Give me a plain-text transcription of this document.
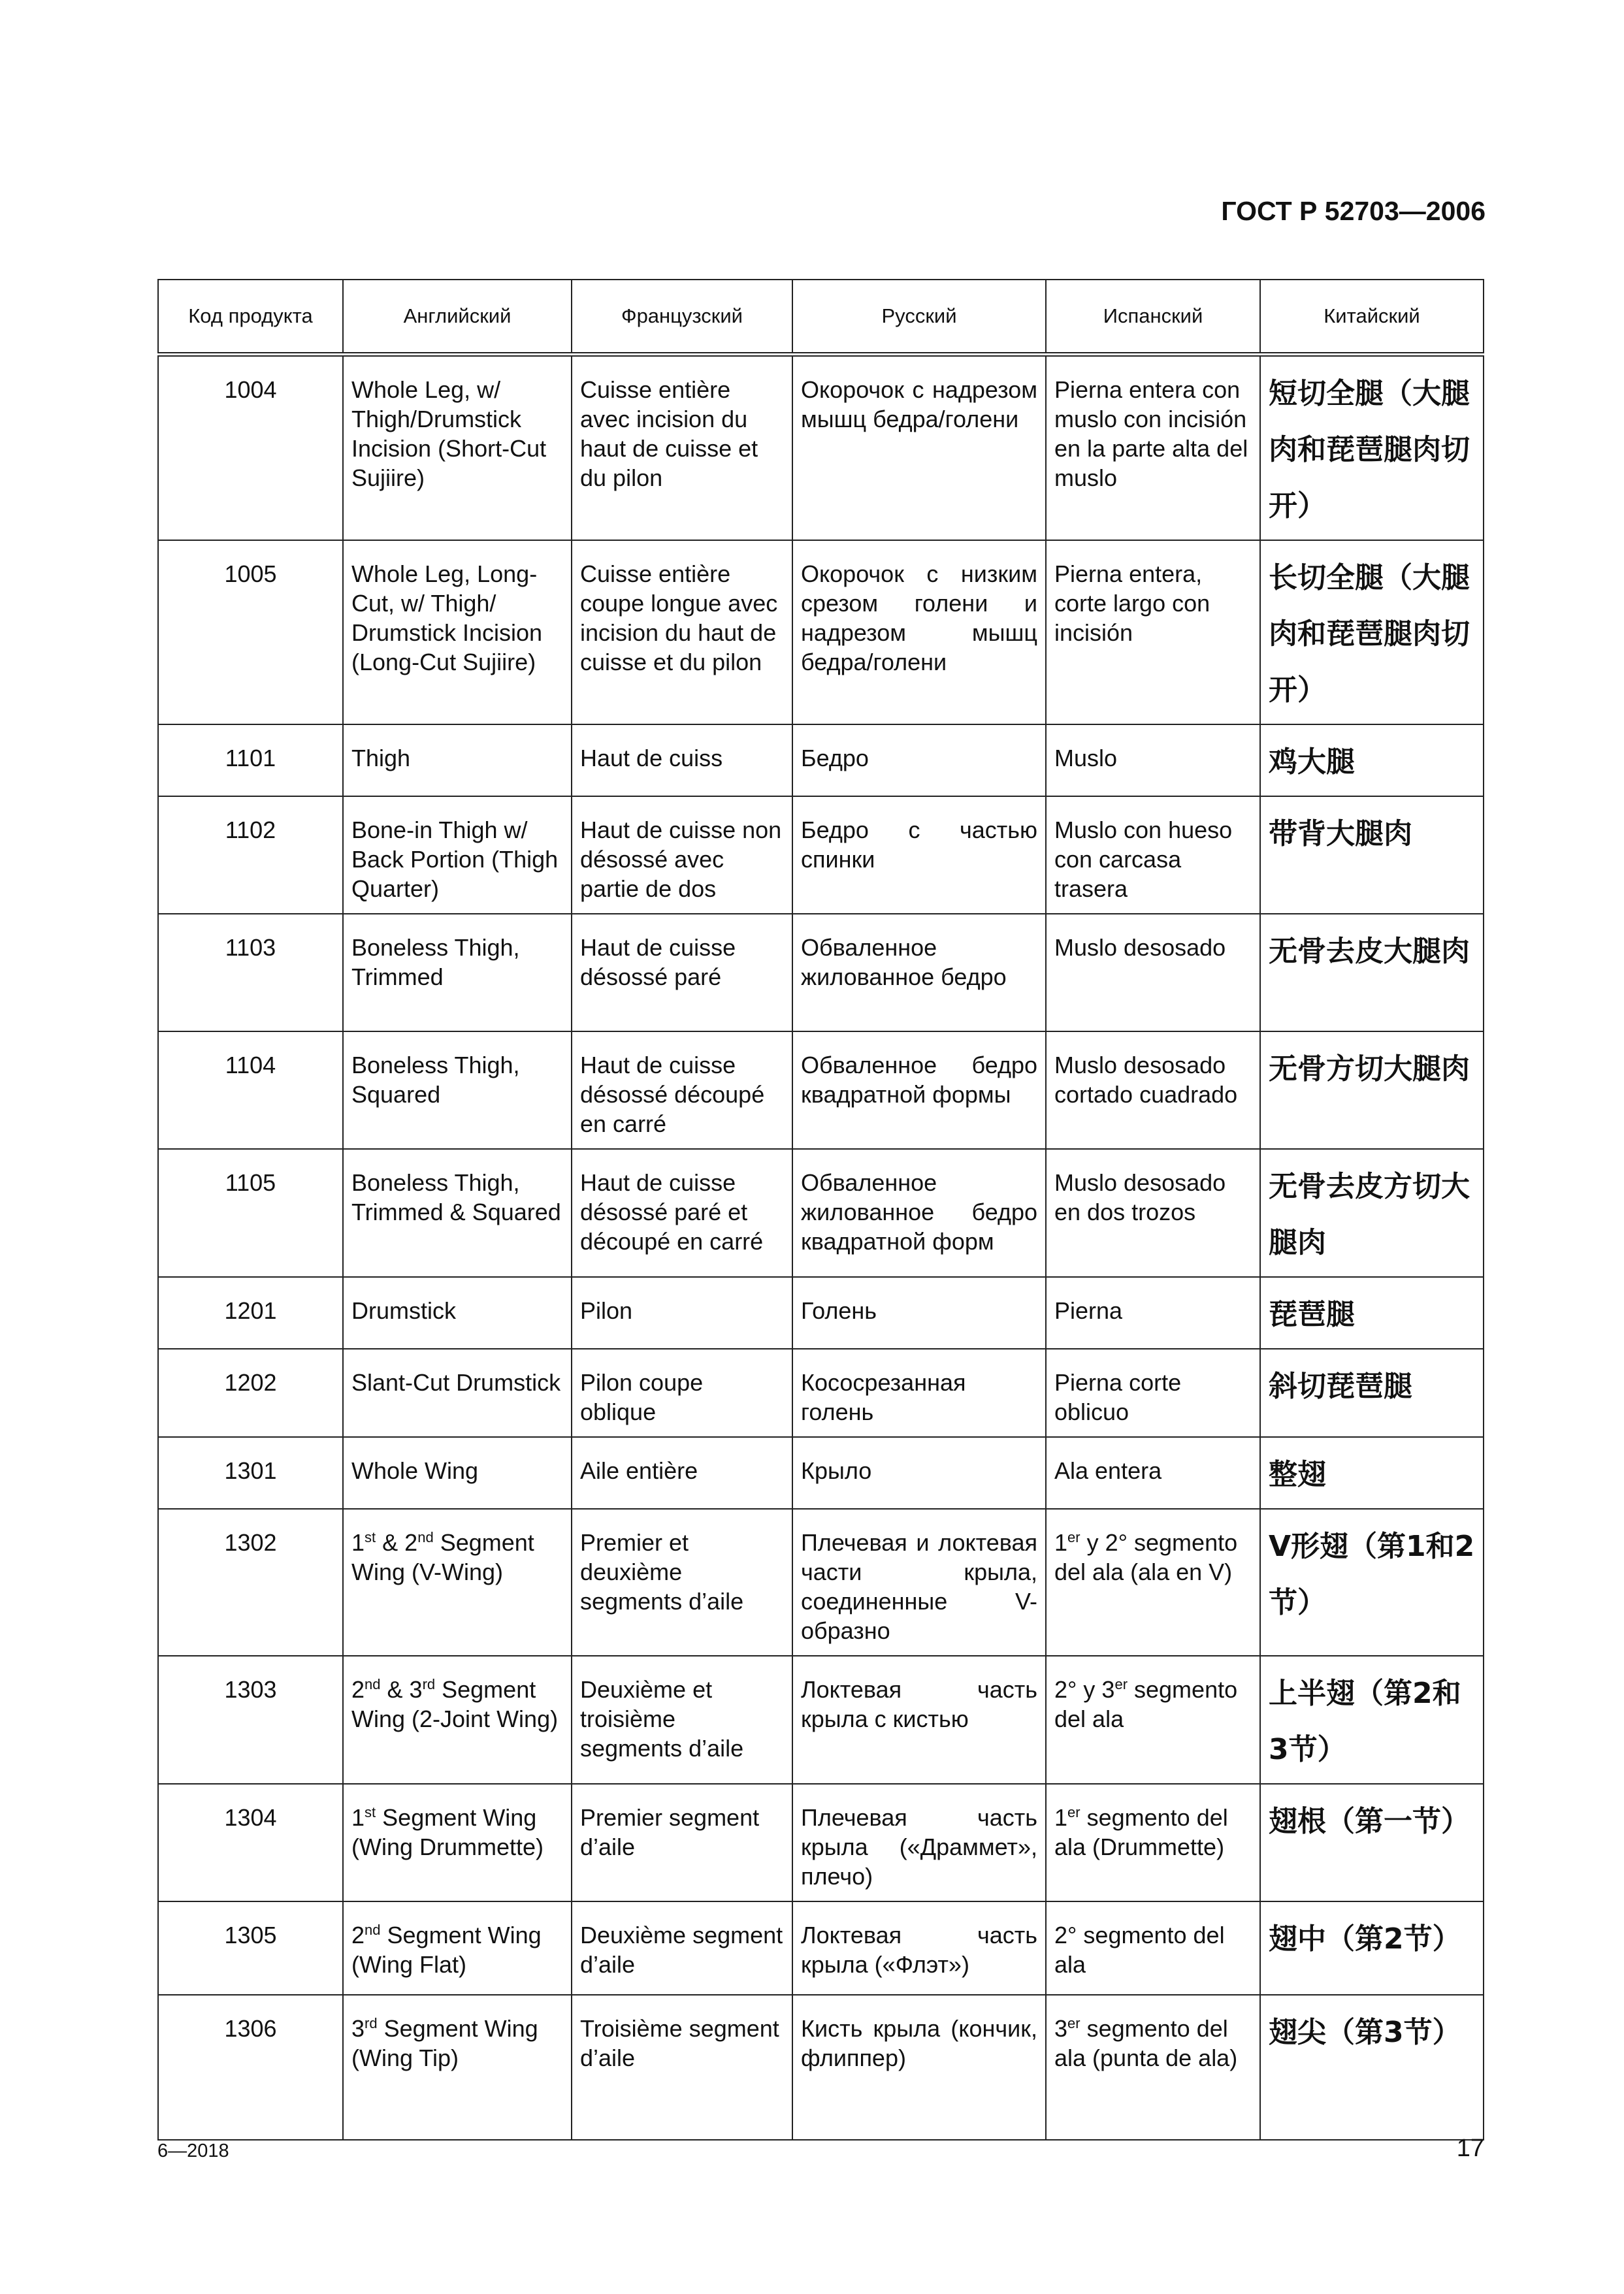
ГОСТ Р 52703—2006
Код продукта	Английский	Французский	Русский	Испанский	Китайский
1004	Whole Leg, w/ Thigh/Drumstick Incision (Short-Cut Sujiire)	Cuisse entière avec incision du haut de cuisse et du pilon	Окорочок с надрезом мышц бедра/голени	Pierna entera con muslo con incisión en la parte alta del muslo	短切全腿（大腿肉和琵琶腿肉切开）
1005	Whole Leg, Long-Cut, w/ Thigh/ Drumstick Incision (Long-Cut Sujiire)	Cuisse entière coupe longue avec incision du haut de cuisse et du pilon	Окорочок с низким срезом голени и надрезом мышц бедра/голени	Pierna entera, corte largo con incisión	长切全腿（大腿肉和琵琶腿肉切开）
1101	Thigh	Haut de cuiss	Бедро	Muslo	鸡大腿
1102	Bone-in Thigh w/ Back Portion (Thigh Quarter)	Haut de cuisse non désossé avec partie de dos	Бедро с частью спинки	Muslo con hueso con carcasa trasera	带背大腿肉
1103	Boneless Thigh, Trimmed	Haut de cuisse désossé paré	Обваленное жилованное бедро	Muslo desosado	无骨去皮大腿肉
1104	Boneless Thigh, Squared	Haut de cuisse désossé découpé en carré	Обваленное бедро квадратной формы	Muslo desosado cortado cuadrado	无骨方切大腿肉
1105	Boneless Thigh, Trimmed & Squared	Haut de cuisse désossé paré et découpé en carré	Обваленное жилованное бедро квадратной форм	Muslo desosado en dos trozos	无骨去皮方切大腿肉
1201	Drumstick	Pilon	Голень	Pierna	琵琶腿
1202	Slant-Cut Drumstick	Pilon coupe oblique	Кососрезанная голень	Pierna corte oblicuo	斜切琵琶腿
1301	Whole Wing	Aile entière	Крыло	Ala entera	整翅
1302	1st & 2nd Segment Wing (V-Wing)	Premier et deuxième segments d’aile	Плечевая и локтевая части крыла, соединенные V-образно	1er y 2° segmento del ala (ala en V)	V形翅（第1和2节）
1303	2nd & 3rd Segment Wing (2-Joint Wing)	Deuxième et troisième segments d’aile	Локтевая часть крыла с кистью	2° y 3er segmento del ala	上半翅（第2和3节）
1304	1st Segment Wing (Wing Drummette)	Premier segment d’aile	Плечевая часть крыла («Драммет», плечо)	1er segmento del ala (Drummette)	翅根（第一节）
1305	2nd Segment Wing (Wing Flat)	Deuxième segment d’aile	Локтевая часть крыла («Флэт»)	2° segmento del ala	翅中（第2节）
1306	3rd Segment Wing (Wing Tip)	Troisième segment d’aile	Кисть крыла (кончик, флиппер)	3er segmento del ala (punta de ala)	翅尖（第3节）
6—2018	17
